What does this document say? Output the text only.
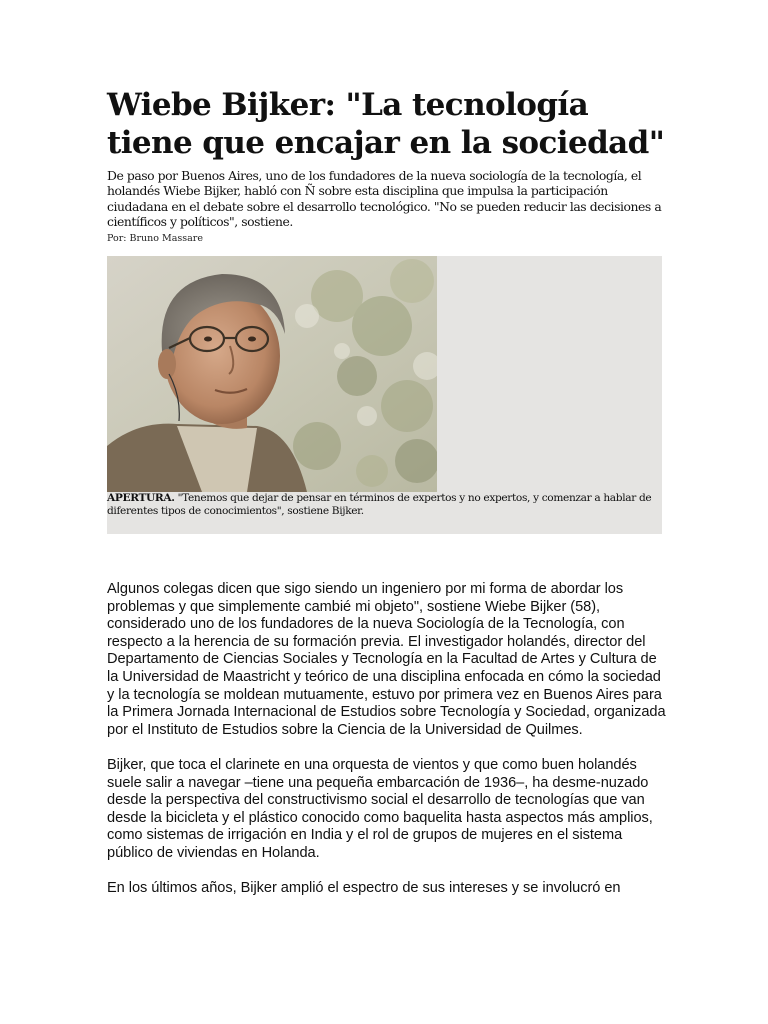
Wiebe Bijker: "La tecnología tiene que encajar en la sociedad"

De paso por Buenos Aires, uno de los fundadores de la nueva sociología de la tecnología, el holandés Wiebe Bijker, habló con Ñ sobre esta disciplina que impulsa la participación ciudadana en el debate sobre el desarrollo tecnológico. "No se pueden reducir las decisiones a científicos y políticos", sostiene.

Por: Bruno Massare

APERTURA. "Tenemos que dejar de pensar en términos de expertos y no expertos, y comenzar a hablar de diferentes tipos de conocimientos", sostiene Bijker.

Algunos colegas dicen que sigo siendo un ingeniero por mi forma de abordar los problemas y que simplemente cambié mi objeto", sostiene Wiebe Bijker (58), considerado uno de los fundadores de la nueva Sociología de la Tecnología, con respecto a la herencia de su formación previa. El investigador holandés, director del Departamento de Ciencias Sociales y Tecnología en la Facultad de Artes y Cultura de la Universidad de Maastricht y teórico de una disciplina enfocada en cómo la sociedad y la tecnología se moldean mutuamente, estuvo por primera vez en Buenos Aires para la Primera Jornada Internacional de Estudios sobre Tecnología y Sociedad, organizada por el Instituto de Estudios sobre la Ciencia de la Universidad de Quilmes.

Bijker, que toca el clarinete en una orquesta de vientos y que como buen holandés suele salir a navegar –tiene una pequeña embarcación de 1936–, ha desme-nuzado desde la perspectiva del constructivismo social el desarrollo de tecnologías que van desde la bicicleta y el plástico conocido como baquelita hasta aspectos más amplios, como sistemas de irrigación en India y el rol de grupos de mujeres en el sistema público de viviendas en Holanda.

En los últimos años, Bijker amplió el espectro de sus intereses y se involucró en
